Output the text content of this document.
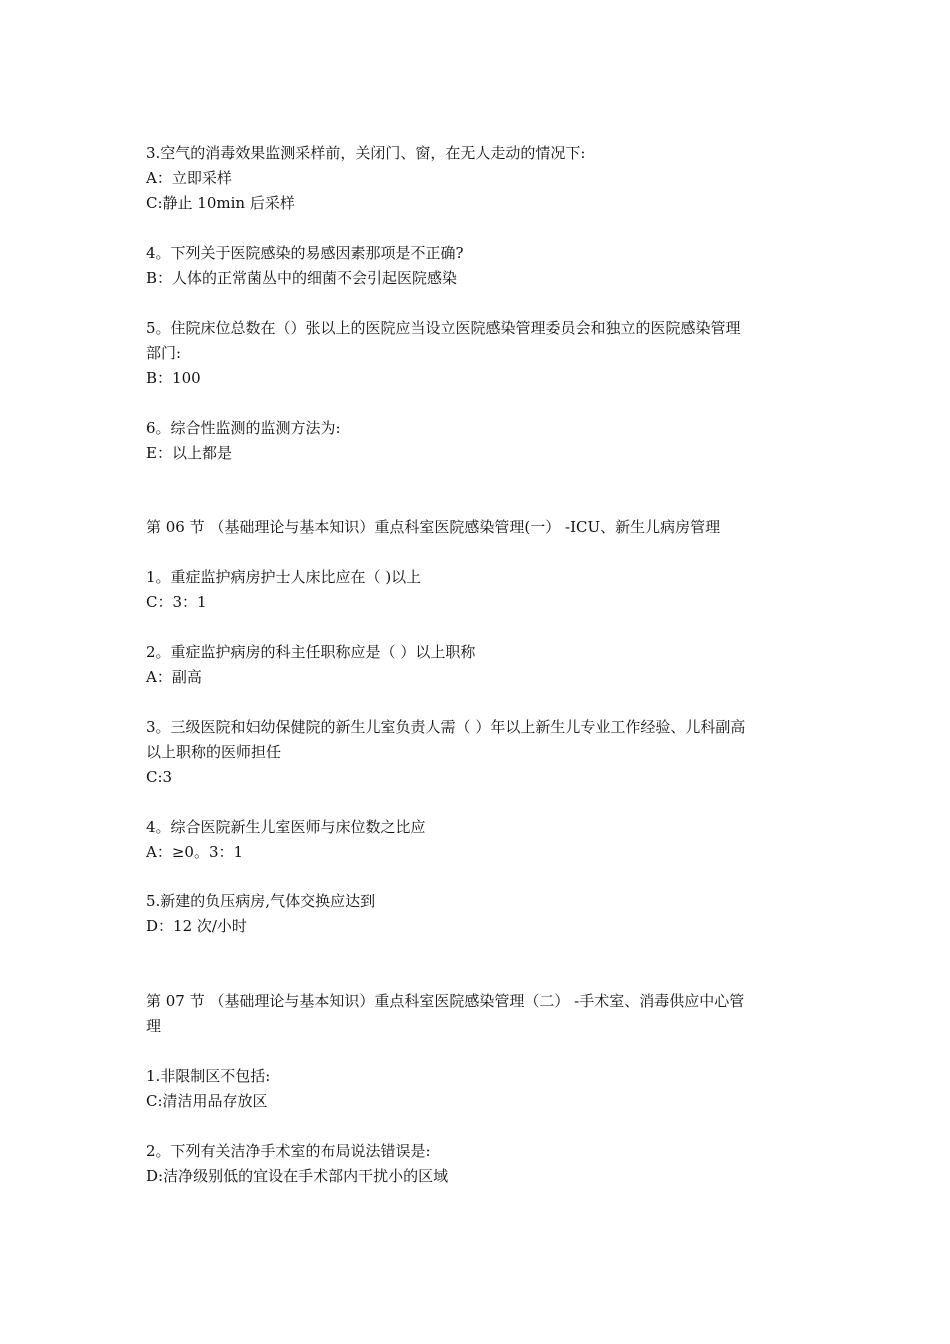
3.空气的消毒效果监测采样前，关闭门、窗，在无人走动的情况下:
A：立即采样
C:静止 10min 后采样
4。下列关于医院感染的易感因素那项是不正确?
B：人体的正常菌丛中的细菌不会引起医院感染
5。住院床位总数在（）张以上的医院应当设立医院感染管理委员会和独立的医院感染管理
部门:
B：100
6。综合性监测的监测方法为:
E：以上都是
第 06 节 （基础理论与基本知识）重点科室医院感染管理(一） -ICU、新生儿病房管理
1。重症监护病房护士人床比应在（ )以上
C：3：1
2。重症监护病房的科主任职称应是（ ）以上职称
A：副高
3。三级医院和妇幼保健院的新生儿室负责人需（ ）年以上新生儿专业工作经验、儿科副高
以上职称的医师担任
C:3
4。综合医院新生儿室医师与床位数之比应
A：≥0。3：1
5.新建的负压病房,气体交换应达到
D：12 次/小时
第 07 节 （基础理论与基本知识）重点科室医院感染管理（二） -手术室、消毒供应中心管
理
1.非限制区不包括:
C:清洁用品存放区
2。下列有关洁净手术室的布局说法错误是:
D:洁净级别低的宜设在手术部内干扰小的区域
